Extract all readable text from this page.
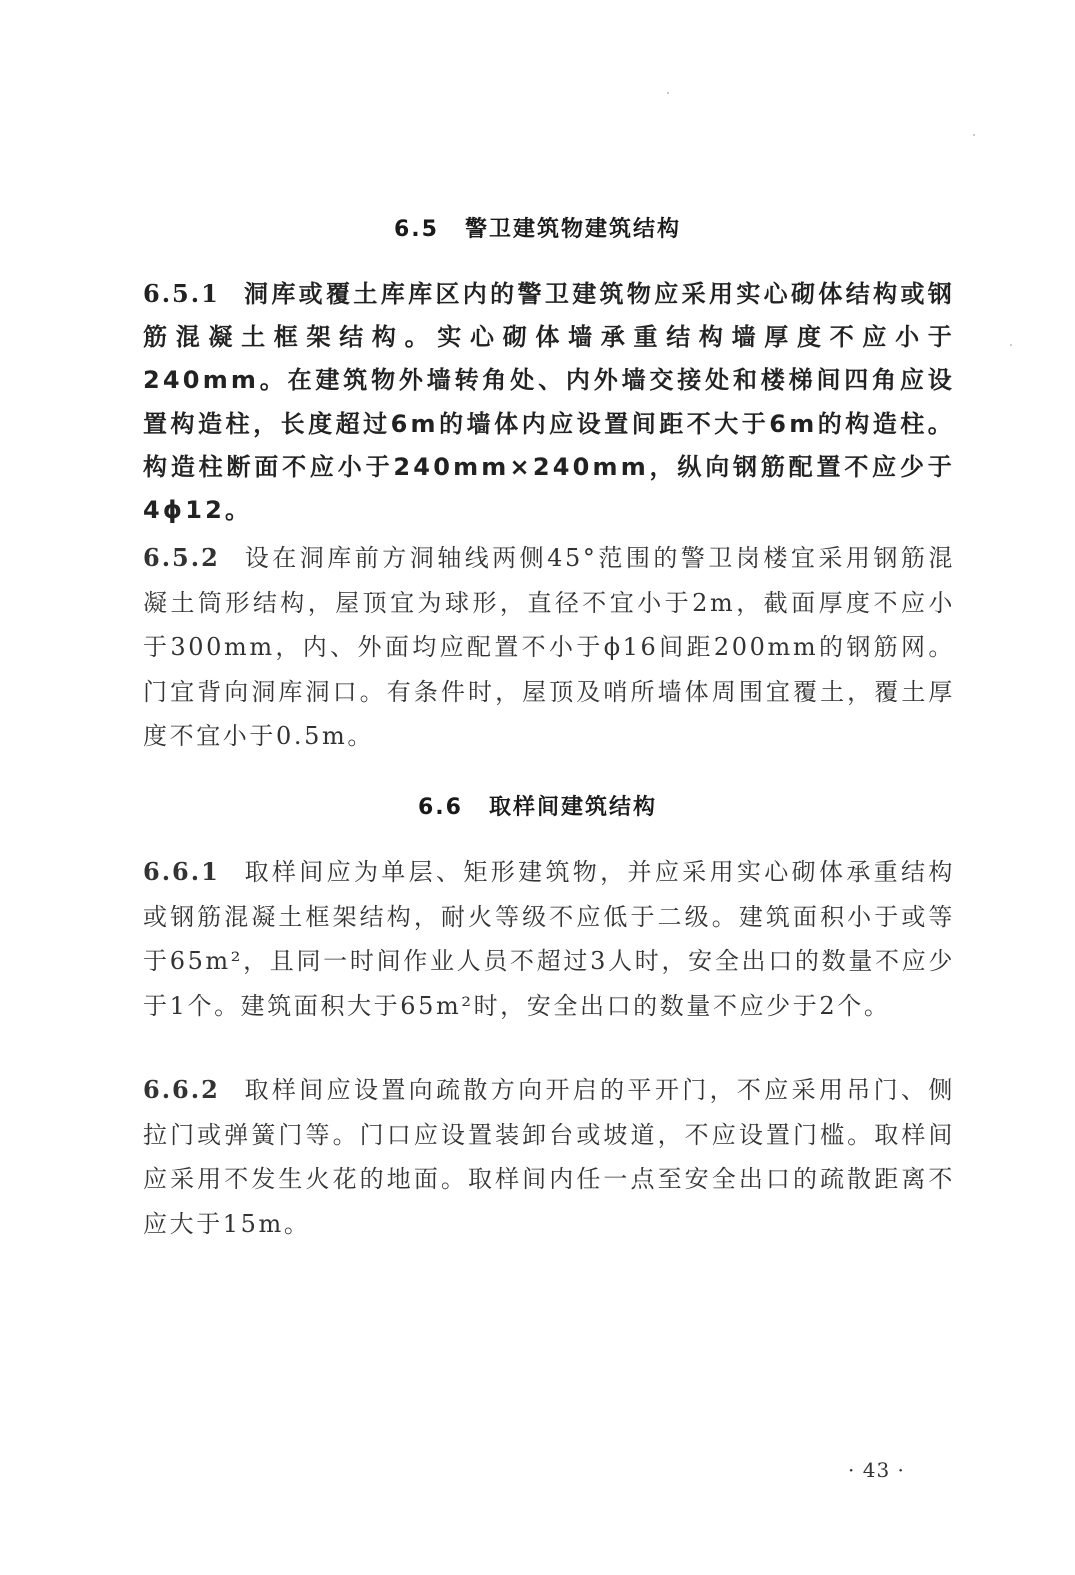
6.5 警卫建筑物建筑结构

6.5.1 洞库或覆土库库区内的警卫建筑物应采用实心砌体结构或钢筋混凝土框架结构。实心砌体墙承重结构墙厚度不应小于240mm。在建筑物外墙转角处、内外墙交接处和楼梯间四角应设置构造柱，长度超过6m的墙体内应设置间距不大于6m的构造柱。构造柱断面不应小于240mm×240mm，纵向钢筋配置不应少于4ϕ12。

6.5.2 设在洞库前方洞轴线两侧45°范围的警卫岗楼宜采用钢筋混凝土筒形结构，屋顶宜为球形，直径不宜小于2m，截面厚度不应小于300mm，内、外面均应配置不小于ϕ16间距200mm的钢筋网。门宜背向洞库洞口。有条件时，屋顶及哨所墙体周围宜覆土，覆土厚度不宜小于0.5m。

6.6 取样间建筑结构

6.6.1 取样间应为单层、矩形建筑物，并应采用实心砌体承重结构或钢筋混凝土框架结构，耐火等级不应低于二级。建筑面积小于或等于65m²，且同一时间作业人员不超过3人时，安全出口的数量不应少于1个。建筑面积大于65m²时，安全出口的数量不应少于2个。

6.6.2 取样间应设置向疏散方向开启的平开门，不应采用吊门、侧拉门或弹簧门等。门口应设置装卸台或坡道，不应设置门槛。取样间应采用不发生火花的地面。取样间内任一点至安全出口的疏散距离不应大于15m。

· 43 ·
